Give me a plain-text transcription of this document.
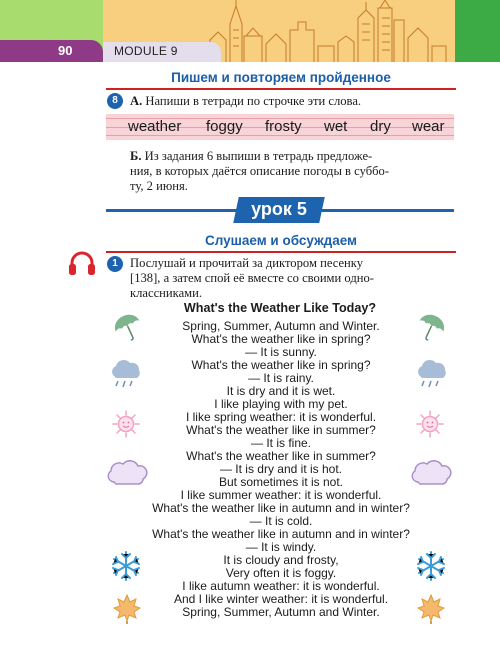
90	MODULE 9
Пишем и повторяем пройденное
8 А. Напиши в тетради по строчке эти слова.
weather foggy frosty wet dry wear
Б. Из задания 6 выпиши в тетрадь предложе-
ния, в которых даётся описание погоды в суббо-
ту, 2 июня.
урок 5
Слушаем и обсуждаем
1 Послушай и прочитай за диктором песенку
[138], а затем спой её вместе со своими одно-
классниками.
What's the Weather Like Today?
Spring, Summer, Autumn and Winter.
What's the weather like in spring?
— It is sunny.
What's the weather like in spring?
— It is rainy.
It is dry and it is wet.
I like playing with my pet.
I like spring weather: it is wonderful.
What's the weather like in summer?
— It is fine.
What's the weather like in summer?
— It is dry and it is hot.
But sometimes it is not.
I like summer weather: it is wonderful.
What's the weather like in autumn and in winter?
— It is cold.
What's the weather like in autumn and in winter?
— It is windy.
It is cloudy and frosty,
Very often it is foggy.
I like autumn weather: it is wonderful.
And I like winter weather: it is wonderful.
Spring, Summer, Autumn and Winter.
